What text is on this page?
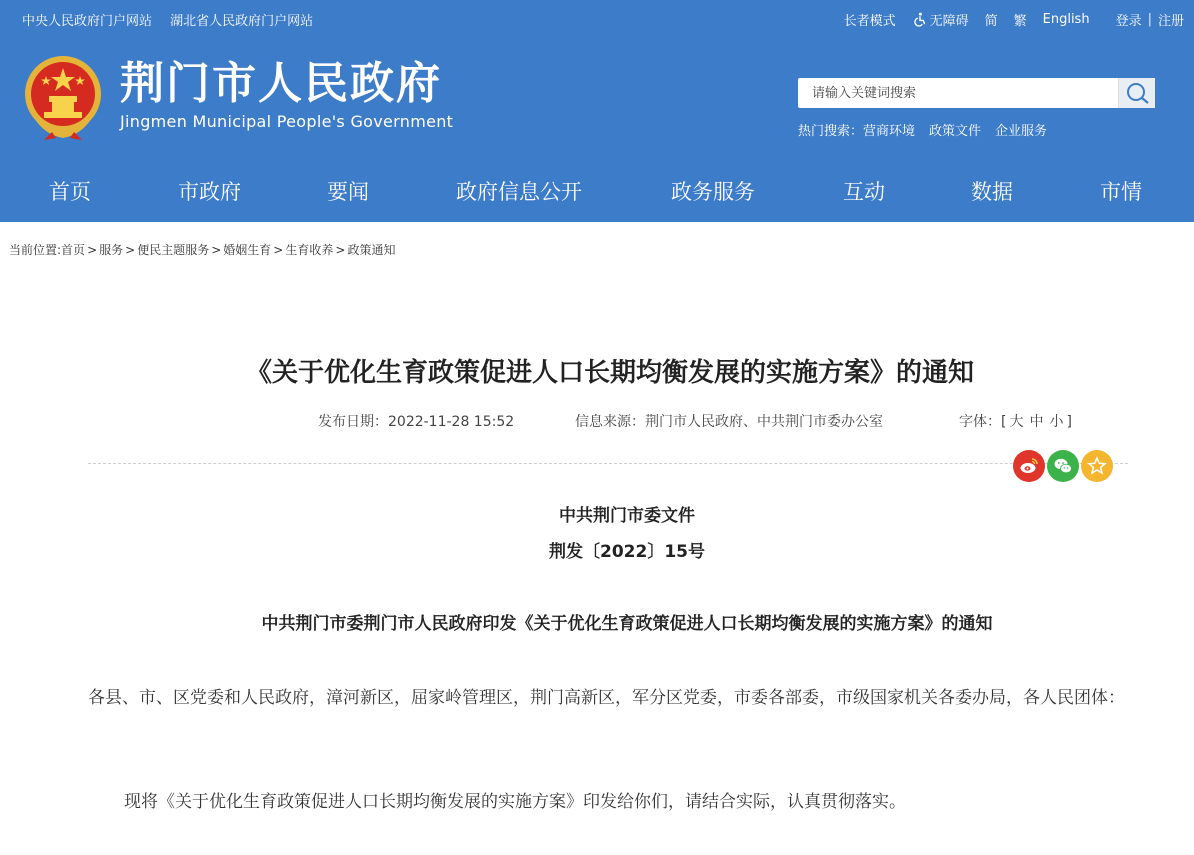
中央人民政府门户网站 湖北省人民政府门户网站	长者模式	无障碍 简 繁 English 登录 | 注册
荆门市人民政府
Jingmen Municipal People's Government
请输入关键词搜索
热门搜索：营商环境 政策文件 企业服务
首页	市政府	要闻	政府信息公开	政务服务	互动	数据	市情
当前位置:首页 > 服务 > 便民主题服务 > 婚姻生育 > 生育收养 > 政策通知
《关于优化生育政策促进人口长期均衡发展的实施方案》的通知
发布日期：2022-11-28 15:52	信息来源：荆门市人民政府、中共荆门市委办公室	字体：[ 大 中 小 ]
中共荆门市委文件
荆发〔2022〕15号
中共荆门市委荆门市人民政府印发《关于优化生育政策促进人口长期均衡发展的实施方案》的通知
各县、市、区党委和人民政府，漳河新区，屈家岭管理区，荆门高新区，军分区党委，市委各部委，市级国家机关各委办局，各人民团体：
现将《关于优化生育政策促进人口长期均衡发展的实施方案》印发给你们，请结合实际，认真贯彻落实。
